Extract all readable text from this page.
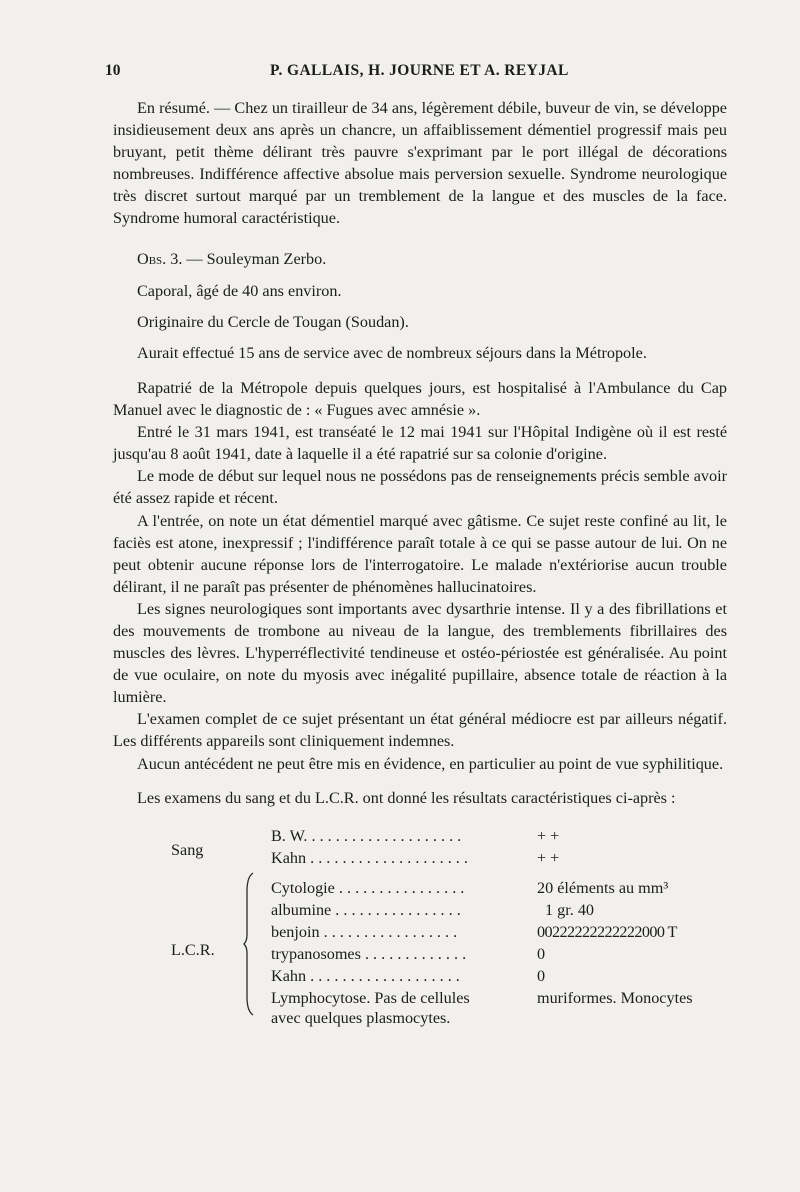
10	P. GALLAIS, H. JOURNE ET A. REYJAL

En résumé. — Chez un tirailleur de 34 ans, légèrement débile, buveur de vin, se développe insidieusement deux ans après un chancre, un affaiblissement démentiel progressif mais peu bruyant, petit thème délirant très pauvre s'exprimant par le port illégal de décorations nombreuses. Indifférence affective absolue mais perversion sexuelle. Syndrome neurologique très discret surtout marqué par un tremblement de la langue et des muscles de la face. Syndrome humoral caractéristique.

Obs. 3. — Souleyman Zerbo.

Caporal, âgé de 40 ans environ.

Originaire du Cercle de Tougan (Soudan).

Aurait effectué 15 ans de service avec de nombreux séjours dans la Métropole.

Rapatrié de la Métropole depuis quelques jours, est hospitalisé à l'Ambulance du Cap Manuel avec le diagnostic de : « Fugues avec amnésie ».

Entré le 31 mars 1941, est transéaté le 12 mai 1941 sur l'Hôpital Indigène où il est resté jusqu'au 8 août 1941, date à laquelle il a été rapatrié sur sa colonie d'origine.

Le mode de début sur lequel nous ne possédons pas de renseignements précis semble avoir été assez rapide et récent.

A l'entrée, on note un état démentiel marqué avec gâtisme. Ce sujet reste confiné au lit, le faciès est atone, inexpressif ; l'indifférence paraît totale à ce qui se passe autour de lui. On ne peut obtenir aucune réponse lors de l'interrogatoire. Le malade n'extériorise aucun trouble délirant, il ne paraît pas présenter de phénomènes hallucinatoires.

Les signes neurologiques sont importants avec dysarthrie intense. Il y a des fibrillations et des mouvements de trombone au niveau de la langue, des tremblements fibrillaires des muscles des lèvres. L'hyperréflectivité tendineuse et ostéo-périostée est généralisée. Au point de vue oculaire, on note du myosis avec inégalité pupillaire, absence totale de réaction à la lumière.

L'examen complet de ce sujet présentant un état général médiocre est par ailleurs négatif. Les différents appareils sont cliniquement indemnes.

Aucun antécédent ne peut être mis en évidence, en particulier au point de vue syphilitique.

Les examens du sang et du L.C.R. ont donné les résultats caractéristiques ci-après :

Sang
B. W. . . . . . . . . . . . . . . . . . . .	+ +
Kahn . . . . . . . . . . . . . . . . . . . .	+ +
L.C.R.
Cytologie . . . . . . . . . . . . . . . .	20 éléments au mm³
albumine . . . . . . . . . . . . . . . .	1 gr. 40
benjoin . . . . . . . . . . . . . . . . .	00222222222222000 T
trypanosomes . . . . . . . . . . . . .	0
Kahn . . . . . . . . . . . . . . . . . . .	0
Lymphocytose. Pas de cellules	muriformes. Monocytes
avec quelques plasmocytes.
